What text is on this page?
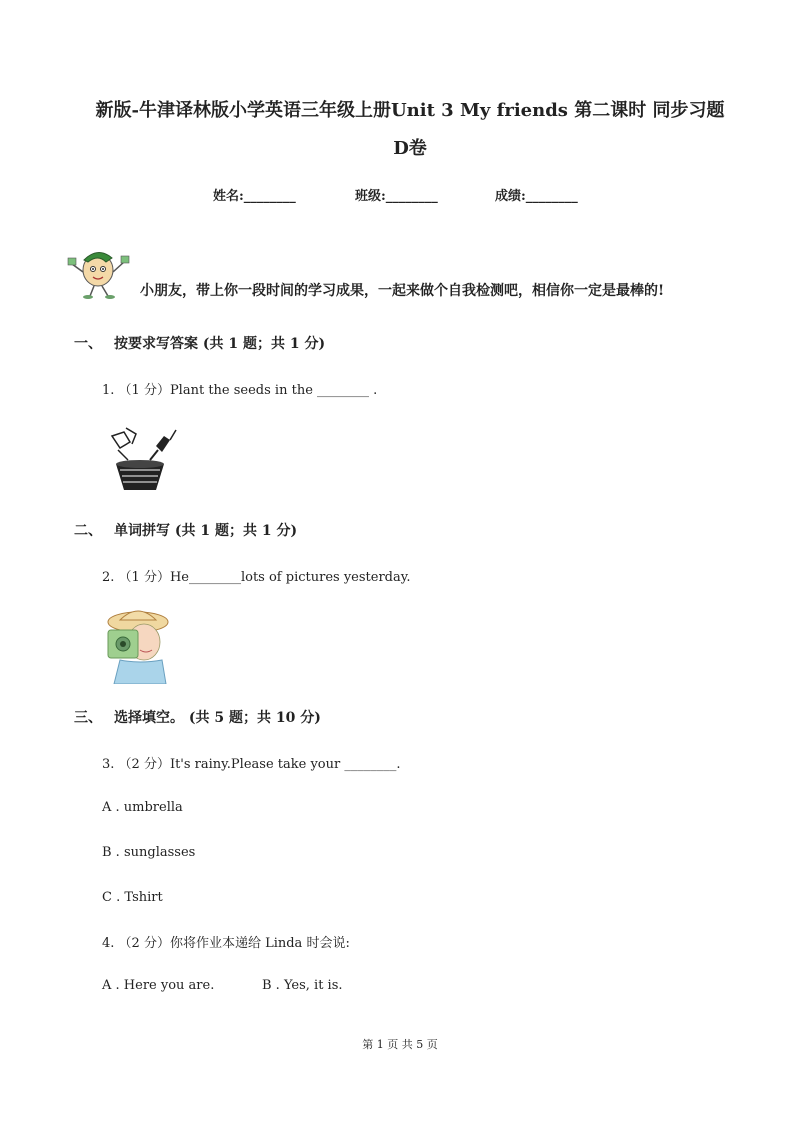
新版-牛津译林版小学英语三年级上册Unit 3 My friends 第二课时 同步习题D卷
姓名:________	班级:________	成绩:________
小朋友，带上你一段时间的学习成果，一起来做个自我检测吧，相信你一定是最棒的!
一、 按要求写答案 (共 1 题；共 1 分)
1. （1 分）Plant the seeds in the ________ .
二、 单词拼写 (共 1 题；共 1 分)
2. （1 分）He________lots of pictures yesterday.
三、 选择填空。 (共 5 题；共 10 分)
3. （2 分）It's rainy.Please take your ________.
A . umbrella
B . sunglasses
C . Tshirt
4. （2 分）你将作业本递给 Linda 时会说:
A . Here you are.	B . Yes, it is.
第 1 页 共 5 页
